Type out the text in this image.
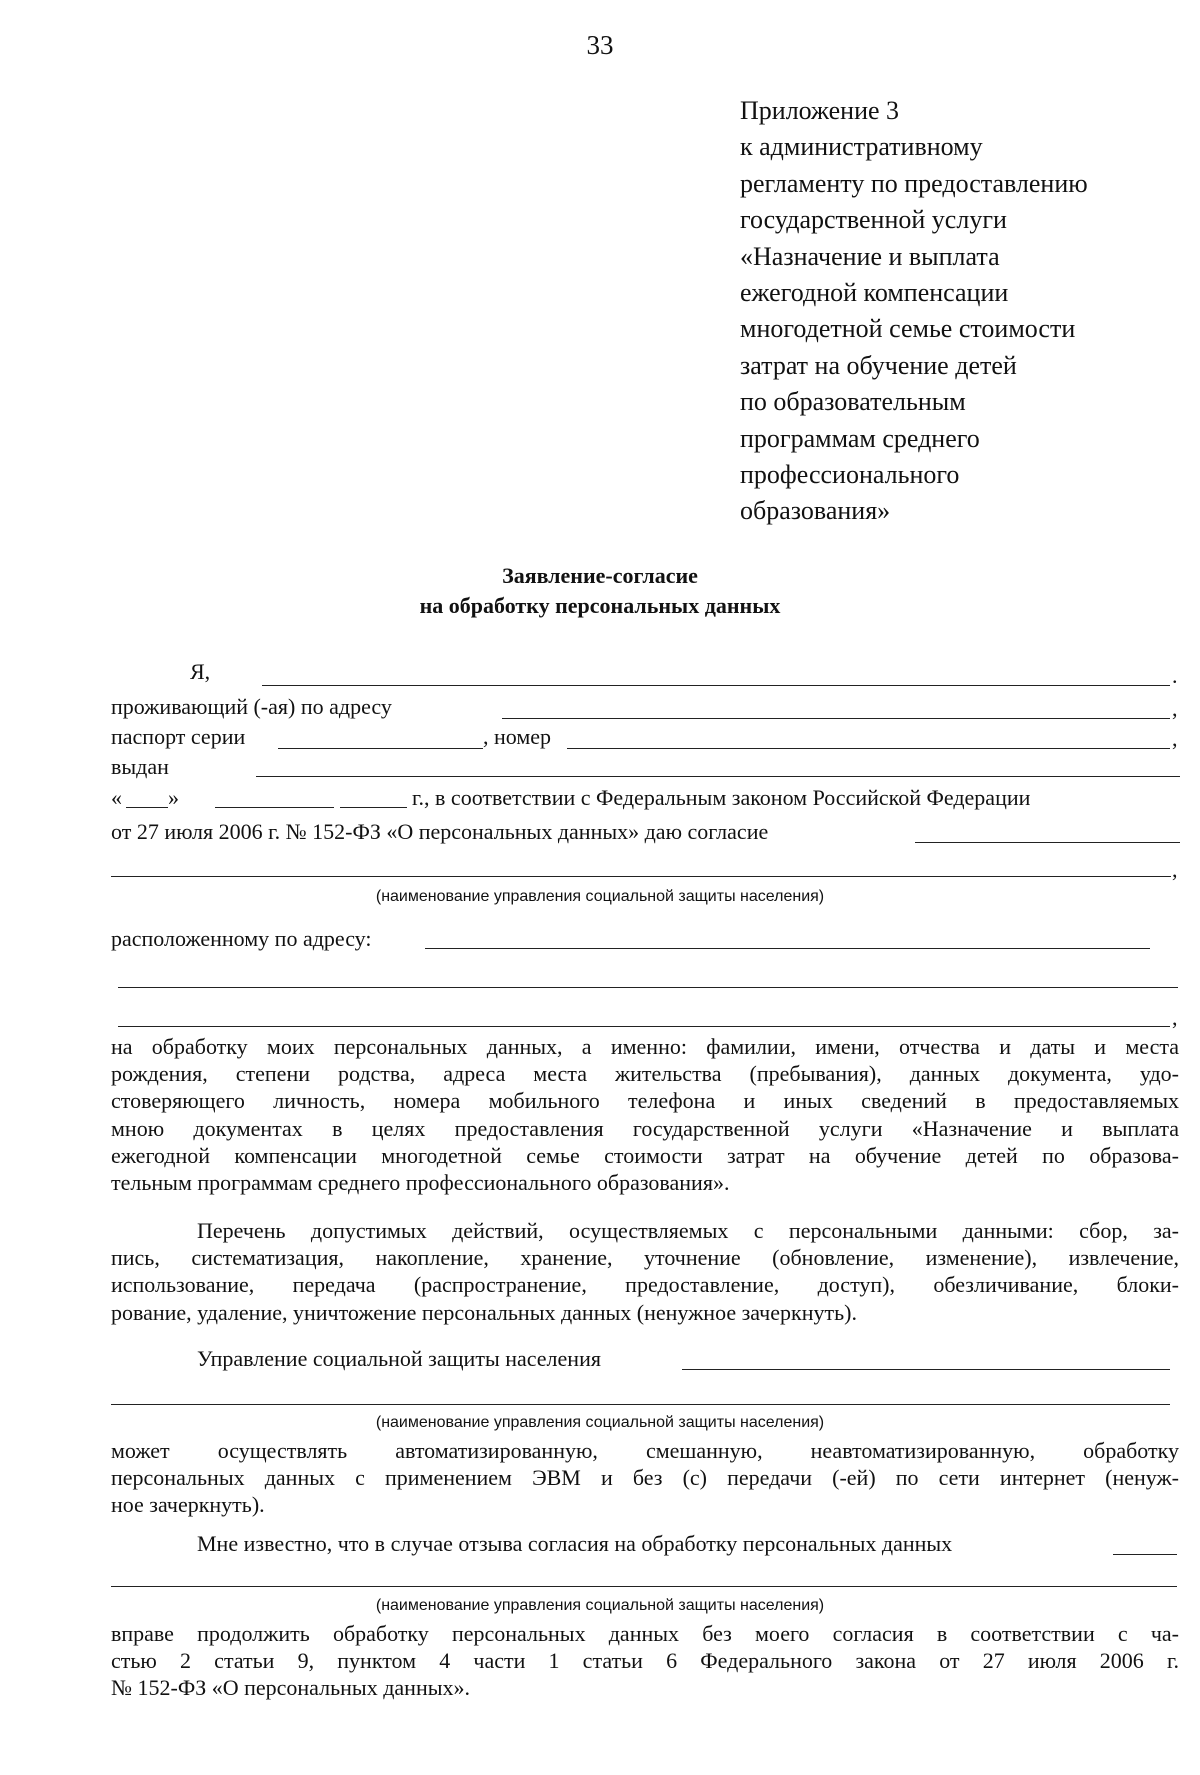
33
Приложение 3
к административному
регламенту по предоставлению
государственной услуги
«Назначение и выплата
ежегодной компенсации
многодетной семье стоимости
затрат на обучение детей
по образовательным
программам среднего
профессионального
образования»
Заявление-согласие
на обработку персональных данных
Я,	.
проживающий (-ая) по адресу	,
паспорт серии	, номер	,
выдан
« »	г., в соответствии с Федеральным законом Российской Федерации
от 27 июля 2006 г. № 152-ФЗ «О персональных данных» даю согласие
,
(наименование управления социальной защиты населения)
расположенному по адресу:
,
на обработку моих персональных данных, а именно: фамилии, имени, отчества и даты и места
рождения, степени родства, адреса места жительства (пребывания), данных документа, удо-
стоверяющего личность, номера мобильного телефона и иных сведений в предоставляемых
мною документах в целях предоставления государственной услуги «Назначение и выплата
ежегодной компенсации многодетной семье стоимости затрат на обучение детей по образова-
тельным программам среднего профессионального образования».
Перечень допустимых действий, осуществляемых с персональными данными: сбор, за-
пись, систематизация, накопление, хранение, уточнение (обновление, изменение), извлечение,
использование, передача (распространение, предоставление, доступ), обезличивание, блоки-
рование, удаление, уничтожение персональных данных (ненужное зачеркнуть).
Управление социальной защиты населения
(наименование управления социальной защиты населения)
может осуществлять автоматизированную, смешанную, неавтоматизированную, обработку
персональных данных с применением ЭВМ и без (с) передачи (-ей) по сети интернет (ненуж-
ное зачеркнуть).
Мне известно, что в случае отзыва согласия на обработку персональных данных
(наименование управления социальной защиты населения)
вправе продолжить обработку персональных данных без моего согласия в соответствии с ча-
стью 2 статьи 9, пунктом 4 части 1 статьи 6 Федерального закона от 27 июля 2006 г.
№ 152-ФЗ «О персональных данных».
